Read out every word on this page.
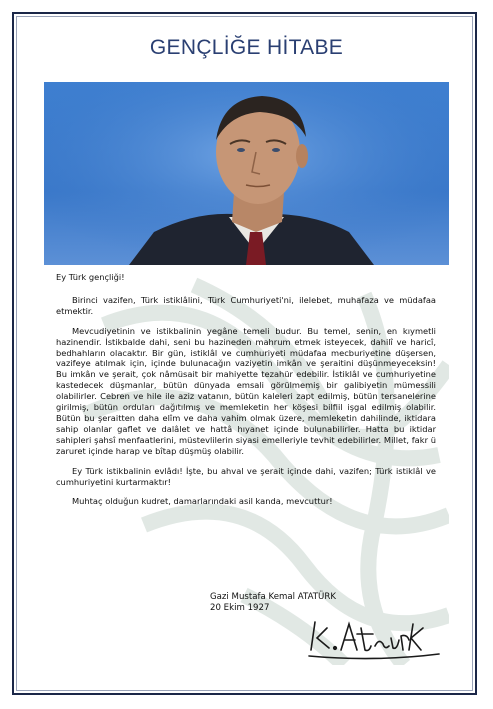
GENÇLİĞE HİTABE

Ey Türk gençliği!

Birinci vazifen, Türk istiklâlini, Türk Cumhuriyeti'ni, ilelebet, muhafaza ve müdafaa etmektir.

Mevcudiyetinin ve istikbalinin yegâne temeli budur. Bu temel, senin, en kıymetli hazinendir. İstikbalde dahi, seni bu hazineden mahrum etmek isteyecek, dahilî ve haricî, bedhahların olacaktır. Bir gün, istiklâl ve cumhuriyeti müdafaa mecburiyetine düşersen, vazifeye atılmak için, içinde bulunacağın vaziyetin imkân ve şeraitini düşünmeyeceksin! Bu imkân ve şerait, çok nâmüsait bir mahiyette tezahür edebilir. İstiklâl ve cumhuriyetine kastedecek düşmanlar, bütün dünyada emsali görülmemiş bir galibiyetin mümessili olabilirler. Cebren ve hile ile aziz vatanın, bütün kaleleri zapt edilmiş, bütün tersanelerine girilmiş, bütün orduları dağıtılmış ve memleketin her köşesi bilfiil işgal edilmiş olabilir. Bütün bu şeraitten daha elîm ve daha vahim olmak üzere, memleketin dahilinde, iktidara sahip olanlar gaflet ve dalâlet ve hattâ hıyanet içinde bulunabilirler. Hatta bu iktidar sahipleri şahsî menfaatlerini, müstevlilerin siyasi emelleriyle tevhit edebilirler. Millet, fakr ü zaruret içinde harap ve bîtap düşmüş olabilir.

Ey Türk istikbalinin evlâdı! İşte, bu ahval ve şerait içinde dahi, vazifen; Türk istiklâl ve cumhuriyetini kurtarmaktır!

Muhtaç olduğun kudret, damarlarındaki asil kanda, mevcuttur!

Gazi Mustafa Kemal ATATÜRK
20 Ekim 1927
